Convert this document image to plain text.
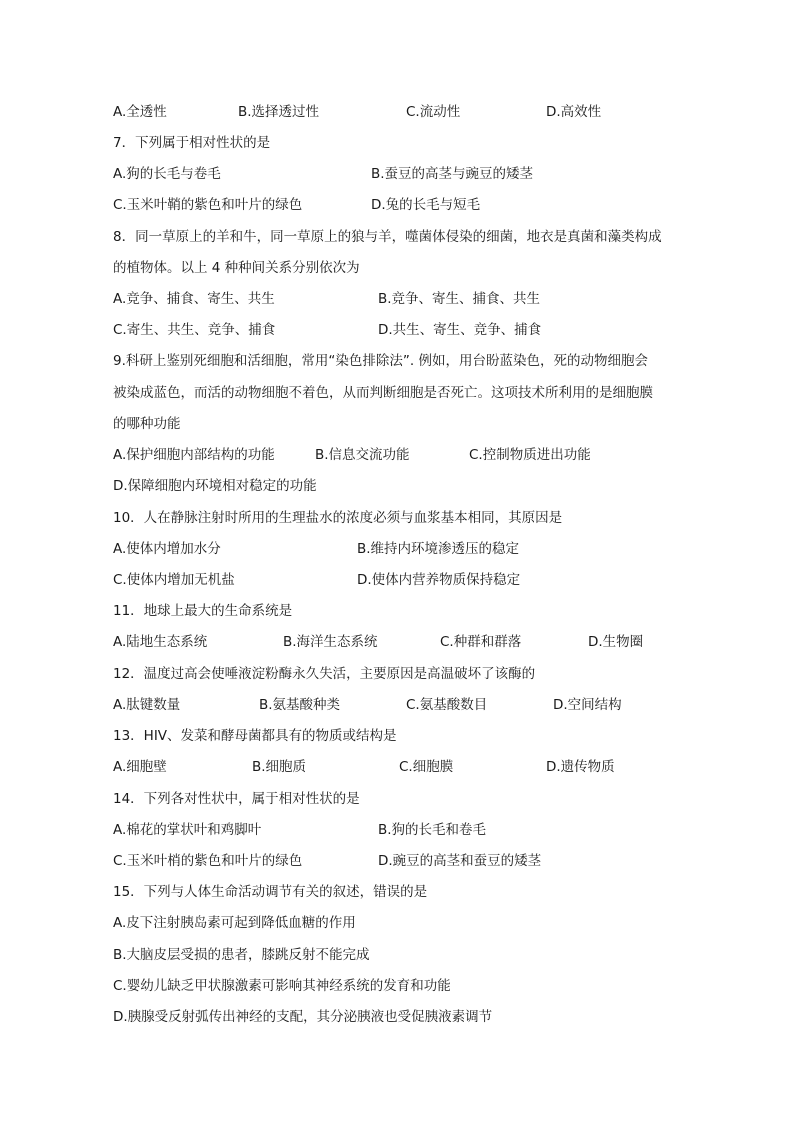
A.全透性	B.选择透过性	C.流动性	D.高效性
7．下列属于相对性状的是
A.狗的长毛与卷毛	B.蚕豆的高茎与豌豆的矮茎
C.玉米叶鞘的紫色和叶片的绿色	D.兔的长毛与短毛
8．同一草原上的羊和牛，同一草原上的狼与羊，噬菌体侵染的细菌，地衣是真菌和藻类构成
的植物体。以上 4 种种间关系分别依次为
A.竞争、捕食、寄生、共生	B.竞争、寄生、捕食、共生
C.寄生、共生、竞争、捕食	D.共生、寄生、竞争、捕食
9.科研上鉴别死细胞和活细胞，常用“染色排除法”. 例如，用台盼蓝染色，死的动物细胞会
被染成蓝色，而活的动物细胞不着色，从而判断细胞是否死亡。这项技术所利用的是细胞膜
的哪种功能
A.保护细胞内部结构的功能	B.信息交流功能	C.控制物质进出功能
D.保障细胞内环境相对稳定的功能
10．人在静脉注射时所用的生理盐水的浓度必须与血浆基本相同，其原因是
A.使体内增加水分	B.维持内环境渗透压的稳定
C.使体内增加无机盐	D.使体内营养物质保持稳定
11．地球上最大的生命系统是
A.陆地生态系统	B.海洋生态系统	C.种群和群落	D.生物圈
12．温度过高会使唾液淀粉酶永久失活，主要原因是高温破坏了该酶的
A.肽键数量	B.氨基酸种类	C.氨基酸数目	D.空间结构
13．HIV、发菜和酵母菌都具有的物质或结构是
A.细胞壁	B.细胞质	C.细胞膜	D.遗传物质
14．下列各对性状中，属于相对性状的是
A.棉花的掌状叶和鸡脚叶	B.狗的长毛和卷毛
C.玉米叶梢的紫色和叶片的绿色	D.豌豆的高茎和蚕豆的矮茎
15．下列与人体生命活动调节有关的叙述，错误的是
A.皮下注射胰岛素可起到降低血糖的作用
B.大脑皮层受损的患者，膝跳反射不能完成
C.婴幼儿缺乏甲状腺激素可影响其神经系统的发育和功能
D.胰腺受反射弧传出神经的支配，其分泌胰液也受促胰液素调节
